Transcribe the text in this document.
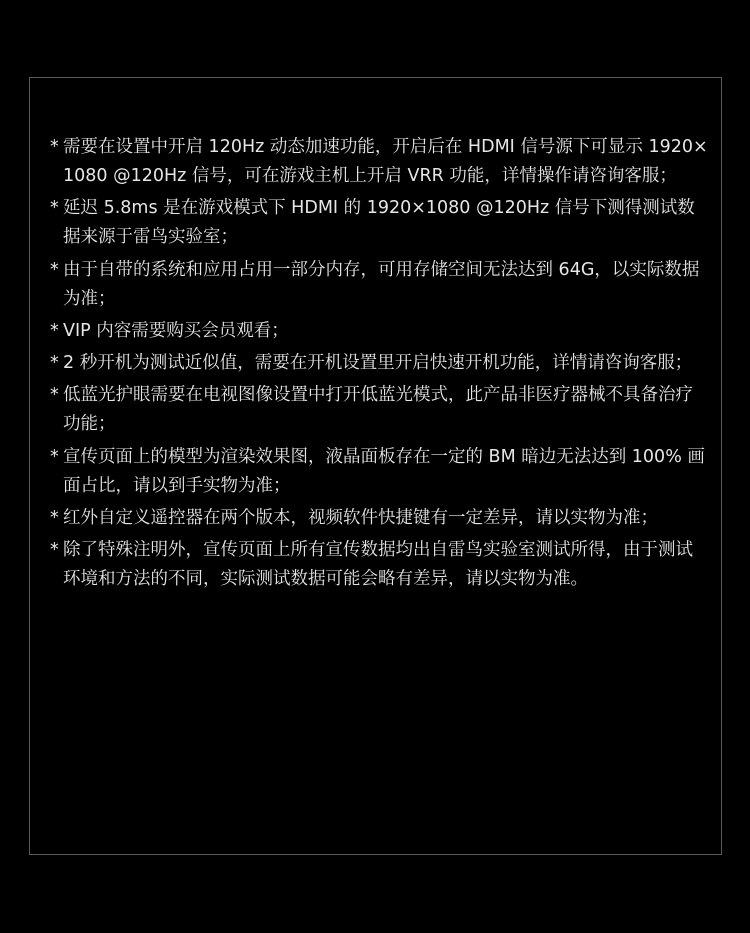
* 需要在设置中开启 120Hz 动态加速功能，开启后在 HDMI 信号源下可显示 1920×1080 @120Hz 信号，可在游戏主机上开启 VRR 功能，详情操作请咨询客服；
* 延迟 5.8ms 是在游戏模式下 HDMI 的 1920×1080 @120Hz 信号下测得测试数据来源于雷鸟实验室；
* 由于自带的系统和应用占用一部分内存，可用存储空间无法达到 64G，以实际数据为准；
* VIP 内容需要购买会员观看；
* 2 秒开机为测试近似值，需要在开机设置里开启快速开机功能，详情请咨询客服；
* 低蓝光护眼需要在电视图像设置中打开低蓝光模式，此产品非医疗器械不具备治疗功能；
* 宣传页面上的模型为渲染效果图，液晶面板存在一定的 BM 暗边无法达到 100% 画面占比，请以到手实物为准；
* 红外自定义遥控器在两个版本，视频软件快捷键有一定差异，请以实物为准；
* 除了特殊注明外，宣传页面上所有宣传数据均出自雷鸟实验室测试所得，由于测试环境和方法的不同，实际测试数据可能会略有差异，请以实物为准。
